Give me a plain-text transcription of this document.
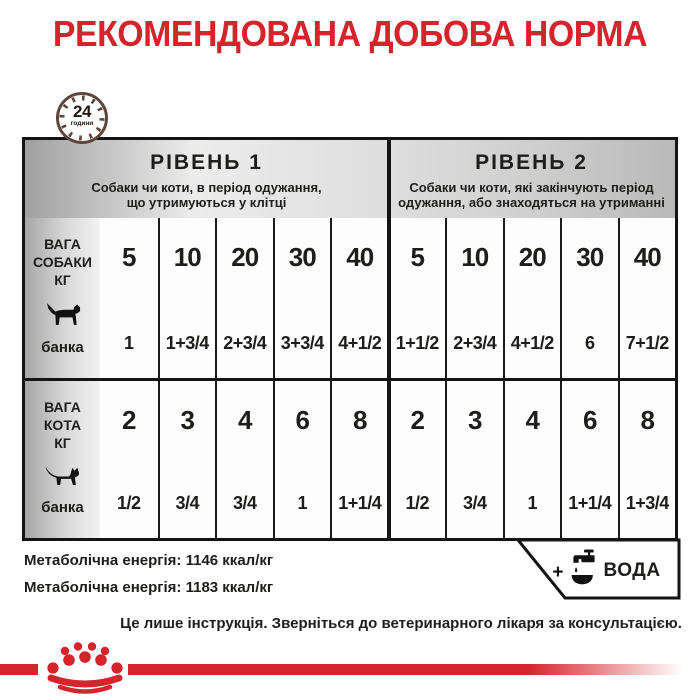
РЕКОМЕНДОВАНА ДОБОВА НОРМА
24
години
РІВЕНЬ 1
Собаки чи коти, в період одужання,
що утримуються у клітці
РІВЕНЬ 2
Собаки чи коти, які закінчують період
одужання, або знаходяться на утриманні
ВАГА
СОБАКИ
КГ
банка
5
1
10
1+3/4
20
2+3/4
30
3+3/4
40
4+1/2
5
1+1/2
10
2+3/4
20
4+1/2
30
6
40
7+1/2
ВАГА
КОТА
КГ
банка
2
1/2
3
3/4
4
3/4
6
1
8
1+1/4
2
1/2
3
3/4
4
1
6
1+1/4
8
1+3/4
Метаболічна енергія: 1146 ккал/кг
Метаболічна енергія: 1183 ккал/кг
+ ВОДА
Це лише інструкція. Зверніться до ветеринарного лікаря за консультацією.
